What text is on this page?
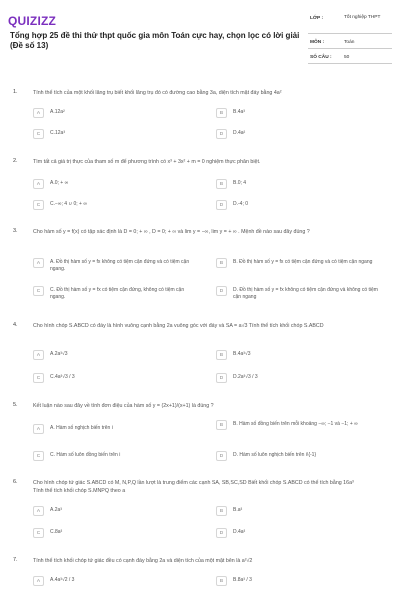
QUIZIZZ
Tổng hợp 25 đề thi thử thpt quốc gia môn Toán cực hay, chọn lọc có lời giải (Đề số 13)
LỚP :	Tốt nghiệp THPT
MÔN :	Toán
SỐ CÂU :	50
1.	Tính thể tích của một khối lăng trụ biết khối lăng trụ đó có đường cao bằng 3a, diện tích mặt đáy bằng 4a²
A	A.12a²	B	B.4a³
C	C.12a³	D	D.4a²
2.	Tìm tất cả giá trị thực của tham số m để phương trình có x³ + 3x² + m = 0 nghiệm thực phân biệt.
A	A.0; + ∞	B	B.0; 4
C	C.−∞; 4 ∪ 0; + ∞	D	D.-4; 0
3.	Cho hàm số y = f(x) có tập xác định là D = 0; + ∞ , D = 0; + ∞ và lim y = −∞, lim y = + ∞ . Mệnh đề nào sau đây đúng ?
A	A. Đồ thị hàm số y = fx không có tiệm cận đứng và có tiệm cận ngang.
B	B. Đồ thị hàm số y = fx có tiệm cận đứng và có tiệm cận ngang
C	C. Đồ thị hàm số y = fx có tiệm cận đứng, không có tiệm cận ngang.
D	D. Đồ thị hàm số y = fx không có tiệm cận đứng và không có tiệm cận ngang
4.	Cho hình chóp S.ABCD có đáy là hình vuông cạnh bằng 2a vuông góc với đáy và SA = a√3 Tính thể tích khối chóp S.ABCD
A	A.2a³√3	B	B.4a³√3
C	C.4a³√3 / 3	D	D.2a³√3 / 3
5.	Kết luận nào sau đây về tính đơn điệu của hàm số y = (2x+1)/(x+1) là đúng ?
A	A. Hàm số nghịch biến trên i	B	B. Hàm số đồng biến trên mỗi khoảng −∞; −1 và −1; + ∞
C	C. Hàm số luôn đồng biến trên i	D	D. Hàm số luôn nghịch biến trên i\{-1}
6.	Cho hình chóp tứ giác S.ABCD có M, N,P,Q lần lượt là trung điểm các cạnh SA, SB,SC,SD Biết khối chóp S.ABCD có thể tích bằng 16a³ Tính thể tích khối chóp S.MNPQ theo a
A	A.2a³	B	B.a³
C	C.8a³	D	D.4a³
7.	Tính thể tích khối chóp tứ giác đều có cạnh đáy bằng 2a và diện tích của một mặt bên là a²√2
A	A.4a³√2 / 3	B	B.8a³ / 3
